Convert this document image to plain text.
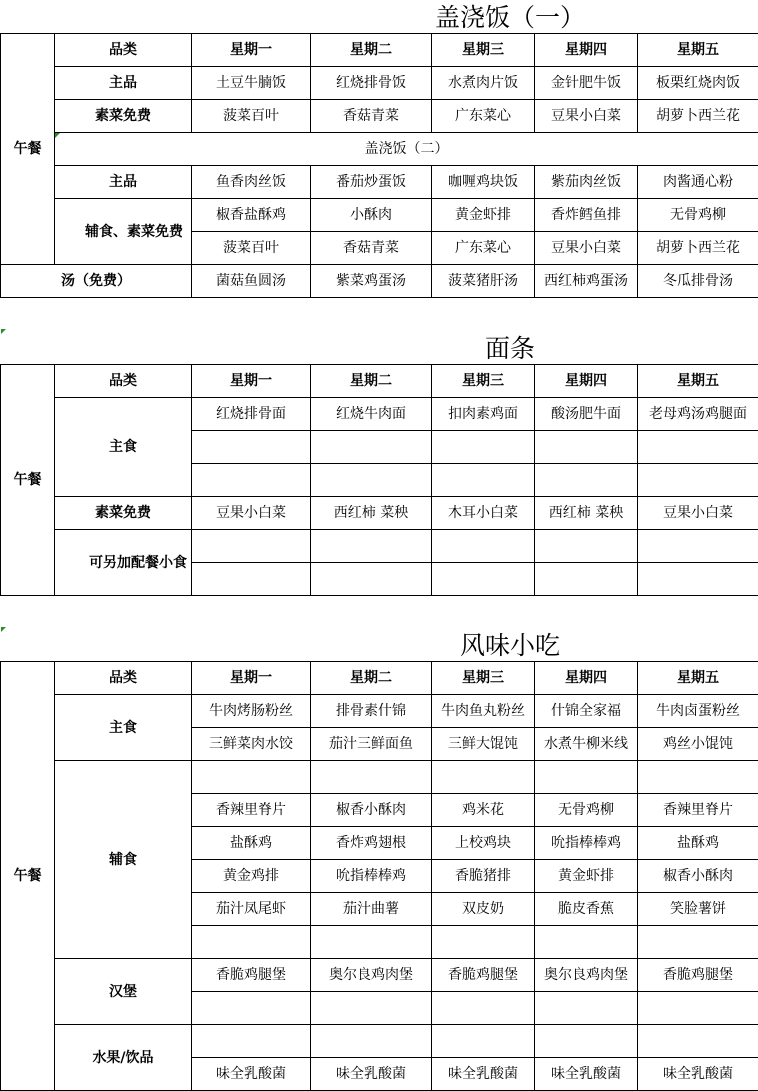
盖浇饭（一）
午餐	品类	星期一	星期二	星期三	星期四	星期五
	主品	土豆牛腩饭	红烧排骨饭	水煮肉片饭	金针肥牛饭	板栗红烧肉饭
	素菜免费	菠菜百叶	香菇青菜	广东菜心	豆果小白菜	胡萝卜西兰花
	盖浇饭（二）					
	主品	鱼香肉丝饭	番茄炒蛋饭	咖喱鸡块饭	紫茄肉丝饭	肉酱通心粉
	辅食、素菜免费	椒香盐酥鸡	小酥肉	黄金虾排	香炸鳕鱼排	无骨鸡柳
		菠菜百叶	香菇青菜	广东菜心	豆果小白菜	胡萝卜西兰花
汤（免费）	菌菇鱼圆汤	紫菜鸡蛋汤	菠菜猪肝汤	西红柿鸡蛋汤	冬瓜排骨汤
面条
午餐	品类	星期一	星期二	星期三	星期四	星期五
	主食	红烧排骨面	红烧牛肉面	扣肉素鸡面	酸汤肥牛面	老母鸡汤鸡腿面

	素菜免费	豆果小白菜	西红柿 菜秧	木耳小白菜	西红柿 菜秧	豆果小白菜
	可另加配餐小食					

风味小吃
午餐	品类	星期一	星期二	星期三	星期四	星期五
	主食	牛肉烤肠粉丝	排骨素什锦	牛肉鱼丸粉丝	什锦全家福	牛肉卤蛋粉丝
		三鲜菜肉水饺	茄汁三鲜面鱼	三鲜大馄饨	水煮牛柳米线	鸡丝小馄饨
	辅食					
		香辣里脊片	椒香小酥肉	鸡米花	无骨鸡柳	香辣里脊片
		盐酥鸡	香炸鸡翅根	上校鸡块	吮指棒棒鸡	盐酥鸡
		黄金鸡排	吮指棒棒鸡	香脆猪排	黄金虾排	椒香小酥肉
		茄汁凤尾虾	茄汁曲薯	双皮奶	脆皮香蕉	笑脸薯饼

	汉堡	香脆鸡腿堡	奥尔良鸡肉堡	香脆鸡腿堡	奥尔良鸡肉堡	香脆鸡腿堡

	水果/饮品					
		味全乳酸菌	味全乳酸菌	味全乳酸菌	味全乳酸菌	味全乳酸菌
